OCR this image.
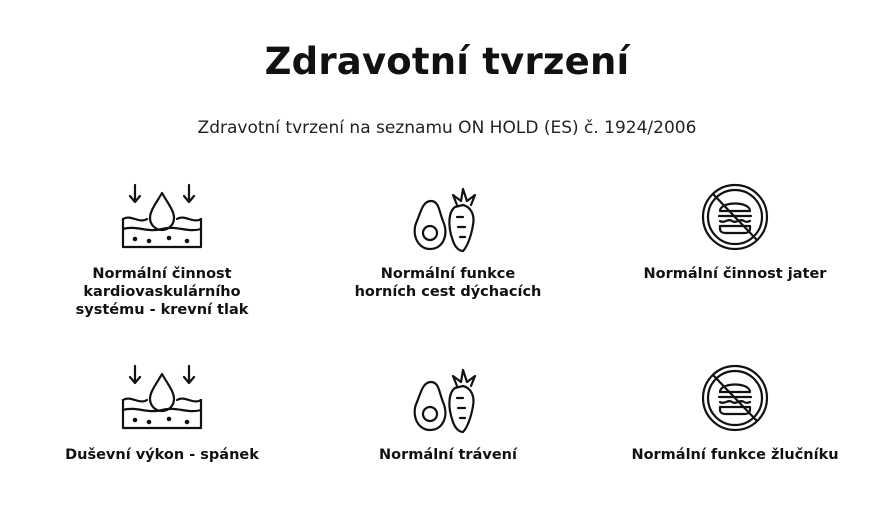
Zdravotní tvrzení

Zdravotní tvrzení na seznamu ON HOLD (ES) č. 1924/2006

Normální činnost kardiovaskulárního systému - krevní tlak
Normální funkce horních cest dýchacích
Normální činnost jater
Duševní výkon - spánek	Normální trávení	Normální funkce žlučníku
